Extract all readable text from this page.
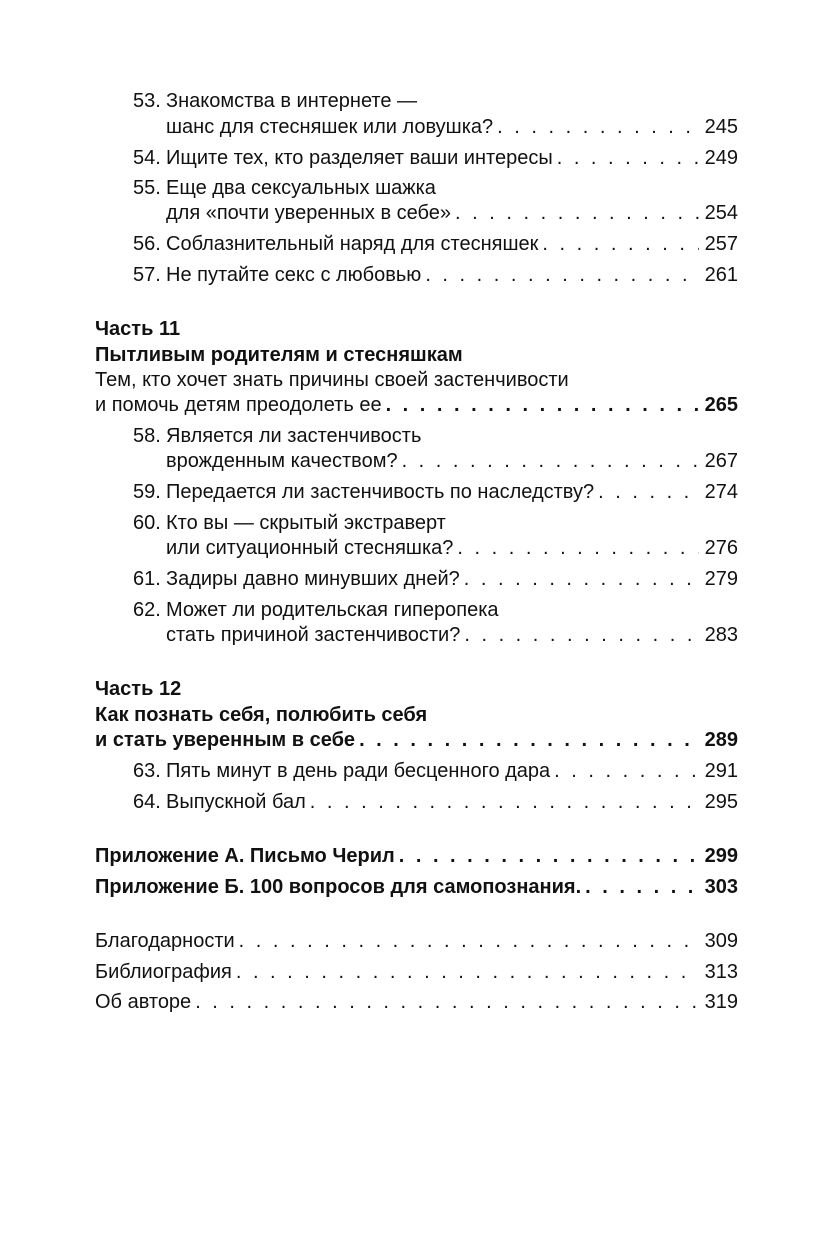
53. Знакомства в интернете —
шанс для стесняшек или ловушка? . . .	245
54. Ищите тех, кто разделяет ваши интересы . . .	249
55. Еще два сексуальных шажка
для «почти уверенных в себе» . . .	254
56. Соблазнительный наряд для стесняшек . . .	257
57. Не путайте секс с любовью . . .	261
Часть 11
Пытливым родителям и стесняшкам
Тем, кто хочет знать причины своей застенчивости
и помочь детям преодолеть ее . . .	265
58. Является ли застенчивость
врожденным качеством? . . .	267
59. Передается ли застенчивость по наследству? . . .	274
60. Кто вы — скрытый экстраверт
или ситуационный стесняшка? . . .	276
61. Задиры давно минувших дней? . . .	279
62. Может ли родительская гиперопека
стать причиной застенчивости? . . .	283
Часть 12
Как познать себя, полюбить себя
и стать уверенным в себе . . .	289
63. Пять минут в день ради бесценного дара . . .	291
64. Выпускной бал . . .	295
Приложение А. Письмо Черил . . .	299
Приложение Б. 100 вопросов для самопознания. . . .	303
Благодарности . . .	309
Библиография . . .	313
Об авторе . . .	319
